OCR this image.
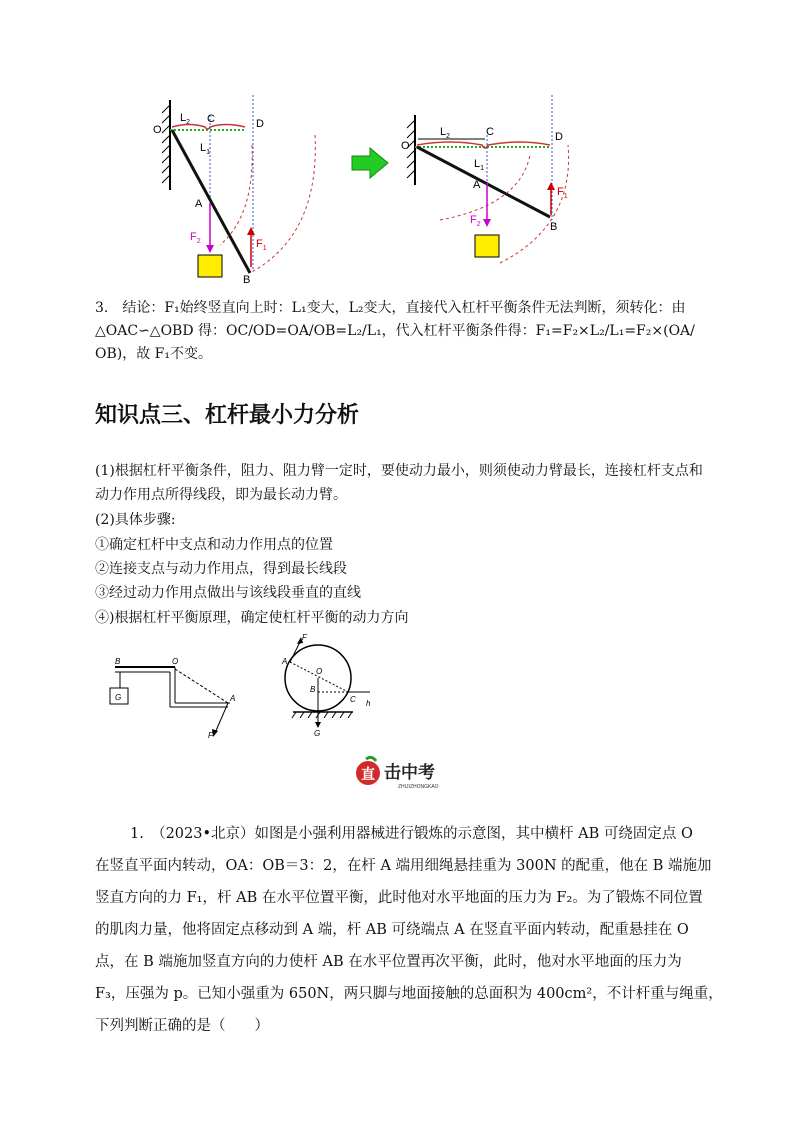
O
$L_2$ C	D
$L_1$
A
B
$F_2$	$F_1$
O
$L_2$	C	D
$L_1$
A
B
$F_2$
$F_1$
3.　结论：F₁始终竖直向上时：L₁变大，L₂变大，直接代入杠杆平衡条件无法判断，须转化：由
△OAC∽△OBD 得：OC/OD=OA/OB=L₂/L₁，代入杠杆平衡条件得：F₁=F₂×L₂/L₁=F₂×(OA/
OB)，故 F₁不变。
知识点三、杠杆最小力分析
(1)根据杠杆平衡条件，阻力、阻力臂一定时，要使动力最小，则须使动力臂最长，连接杠杆支点和
动力作用点所得线段，即为最长动力臂。
(2)具体步骤:
①确定杠杆中支点和动力作用点的位置
②连接支点与动力作用点，得到最长线段
③经过动力作用点做出与该线段垂直的直线
④)根据杠杆平衡原理，确定使杠杆平衡的动力方向
B	O
G	A
F
F
A
O
B
C h
G
直 击中考
ZHIJIZHONGKAO
1.　（2023•北京）如图是小强利用器械进行锻炼的示意图，其中横杆 AB 可绕固定点 O
在竖直平面内转动，OA：OB＝3：2，在杆 A 端用细绳悬挂重为 300N 的配重，他在 B 端施加
竖直方向的力 F₁，杆 AB 在水平位置平衡，此时他对水平地面的压力为 F₂。为了锻炼不同位置
的肌肉力量，他将固定点移动到 A 端，杆 AB 可绕端点 A 在竖直平面内转动，配重悬挂在 O
点，在 B 端施加竖直方向的力使杆 AB 在水平位置再次平衡，此时，他对水平地面的压力为
F₃，压强为 p。已知小强重为 650N，两只脚与地面接触的总面积为 400cm²，不计杆重与绳重，
下列判断正确的是（　　）
